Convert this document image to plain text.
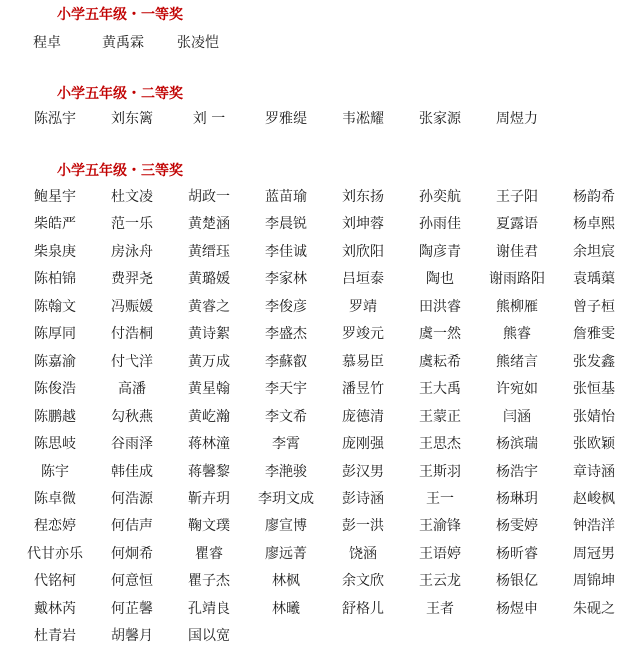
小学五年级・一等奖
程卓	黄禹霖	张凌恺
小学五年级・二等奖
陈泓宇	刘东篱	刘 一	罗雅缇	韦凇耀	张家源	周煜力
小学五年级・三等奖
鲍星宇	杜文凌	胡政一	蓝苗瑜	刘东扬	孙奕航	王子阳	杨韵希
柴皓严	范一乐	黄楚涵	李晨锐	刘坤蓉	孙雨佳	夏露语	杨卓熙
柴泉庚	房泳舟	黄缙珏	李佳诚	刘欣阳	陶彦青	谢佳君	余坦宸
陈柏锦	费羿尧	黄璐媛	李家林	吕垣泰	陶也	谢雨路阳	袁瑀蕖
陈翰文	冯赈媛	黄睿之	李俊彦	罗靖	田洪睿	熊柳雁	曾子桓
陈厚同	付浩桐	黄诗絮	李盛杰	罗竣元	虞一然	熊睿	詹雅雯
陈嘉渝	付弋洋	黄万成	李蘇叡	慕易臣	虞耘希	熊绪言	张发鑫
陈俊浩	高潘	黄星翰	李天宇	潘昱竹	王大禹	许宛如	张恒基
陈鹏越	勾秋燕	黄屹瀚	李文希	庞德清	王蒙正	闫涵	张婧怡
陈思岐	谷雨泽	蒋林潼	李霄	庞刚强	王思杰	杨滨瑞	张欧颖
陈宇	韩佳成	蒋馨黎	李滟骏	彭汉男	王斯羽	杨浩宇	章诗涵
陈卓微	何浩源	靳卉玥	李玥文成	彭诗涵	王一	杨琳玥	赵峻枫
程恋婷	何佶声	鞠文璞	廖宣博	彭一洪	王渝锋	杨雯婷	钟浩洋
代甘亦乐	何炯希	瞿睿	廖远菁	饶涵	王语婷	杨昕睿	周冠男
代铭柯	何意恒	瞿子杰	林枫	余文欣	王云龙	杨银亿	周锦坤
戴林芮	何芷馨	孔靖良	林曦	舒格儿	王者	杨煜申	朱砚之
杜青岩	胡馨月	国以宽
